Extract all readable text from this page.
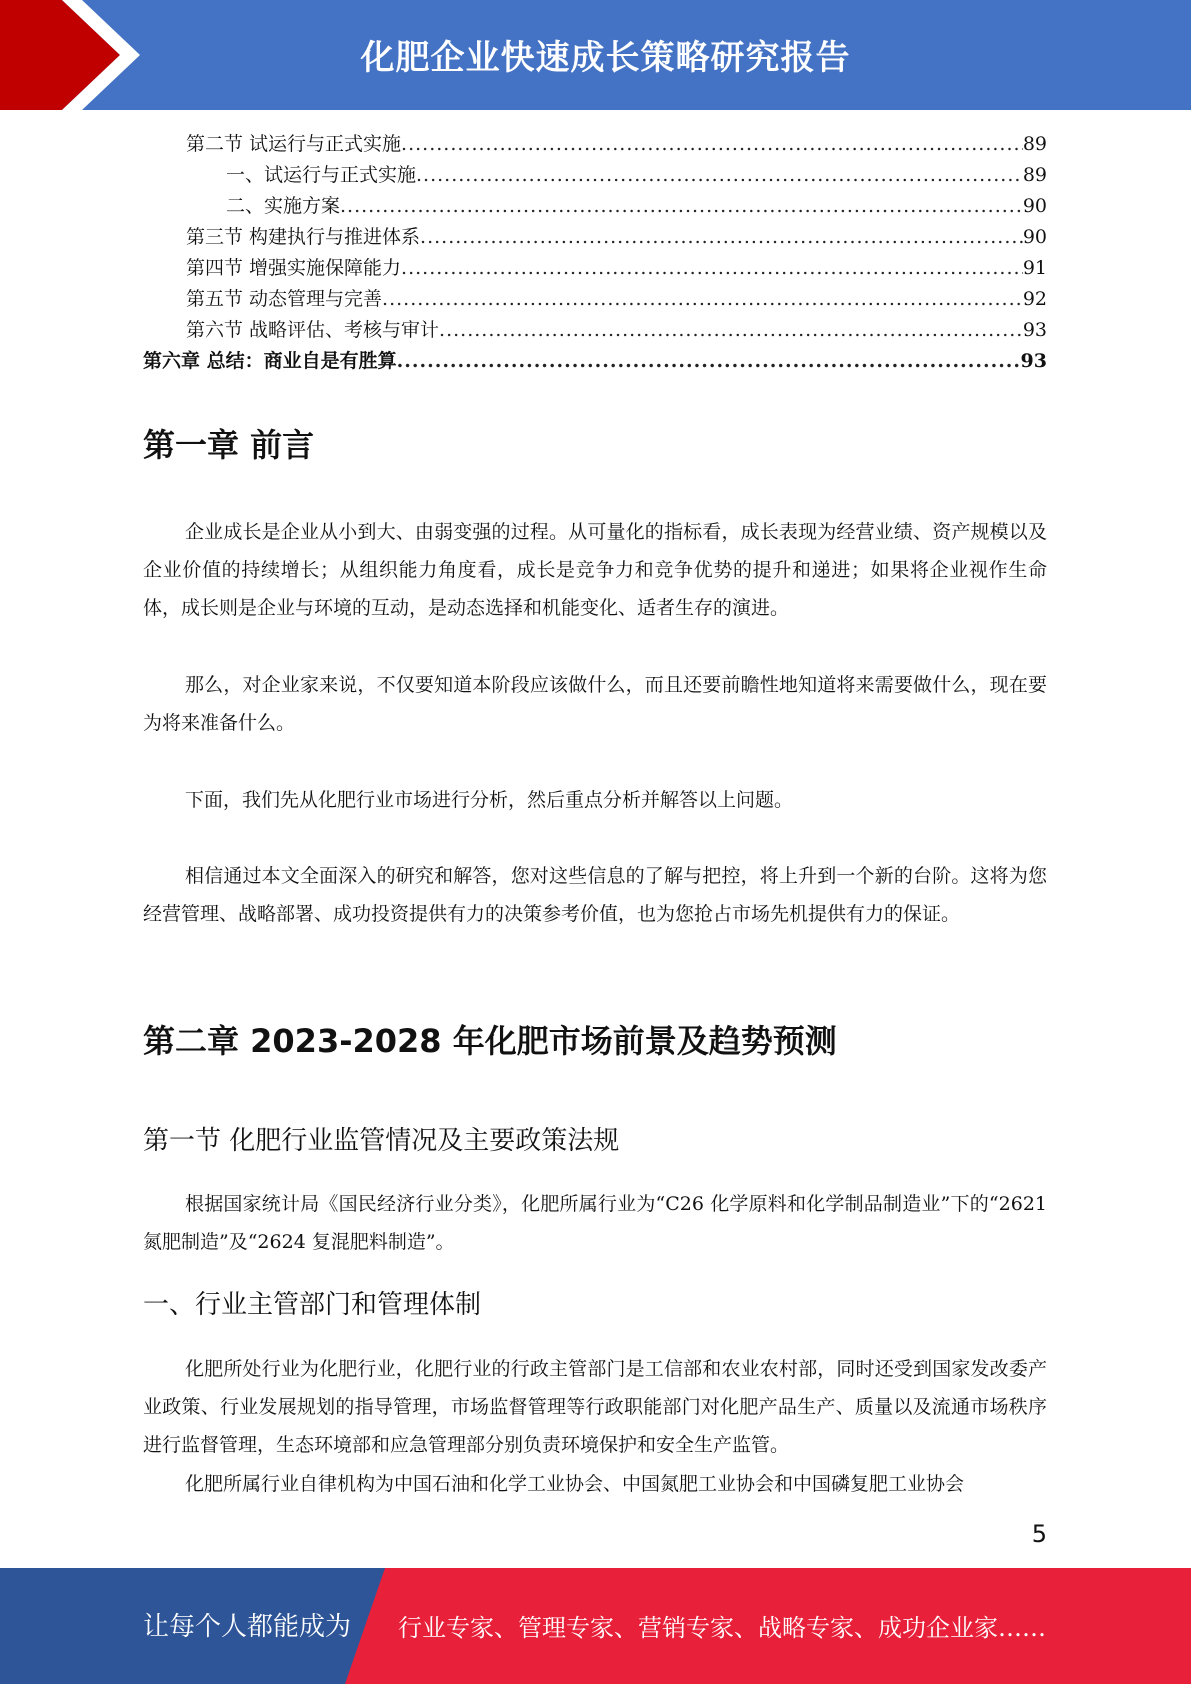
化肥企业快速成长策略研究报告
第二节 试运行与正式实施 .....	89
一、试运行与正式实施 .....	89
二、实施方案 .....	90
第三节 构建执行与推进体系 .....	90
第四节 增强实施保障能力 .....	91
第五节 动态管理与完善 .....	92
第六节 战略评估、考核与审计 .....	93
第六章 总结：商业自是有胜算 .....	93
第一章 前言

企业成长是企业从小到大、由弱变强的过程。从可量化的指标看，成长表现为经营业绩、资产规模以及企业价值的持续增长；从组织能力角度看，成长是竞争力和竞争优势的提升和递进；如果将企业视作生命体，成长则是企业与环境的互动，是动态选择和机能变化、适者生存的演进。

那么，对企业家来说，不仅要知道本阶段应该做什么，而且还要前瞻性地知道将来需要做什么，现在要为将来准备什么。

下面，我们先从化肥行业市场进行分析，然后重点分析并解答以上问题。

相信通过本文全面深入的研究和解答，您对这些信息的了解与把控，将上升到一个新的台阶。这将为您经营管理、战略部署、成功投资提供有力的决策参考价值，也为您抢占市场先机提供有力的保证。

第二章 2023-2028 年化肥市场前景及趋势预测
第一节 化肥行业监管情况及主要政策法规

根据国家统计局《国民经济行业分类》，化肥所属行业为“C26 化学原料和化学制品制造业”下的“2621 氮肥制造”及“2624 复混肥料制造”。

一、行业主管部门和管理体制

化肥所处行业为化肥行业，化肥行业的行政主管部门是工信部和农业农村部，同时还受到国家发改委产业政策、行业发展规划的指导管理，市场监督管理等行政职能部门对化肥产品生产、质量以及流通市场秩序进行监督管理，生态环境部和应急管理部分别负责环境保护和安全生产监管。

化肥所属行业自律机构为中国石油和化学工业协会、中国氮肥工业协会和中国磷复肥工业协会

5
让每个人都能成为 行业专家、管理专家、营销专家、战略专家、成功企业家……
